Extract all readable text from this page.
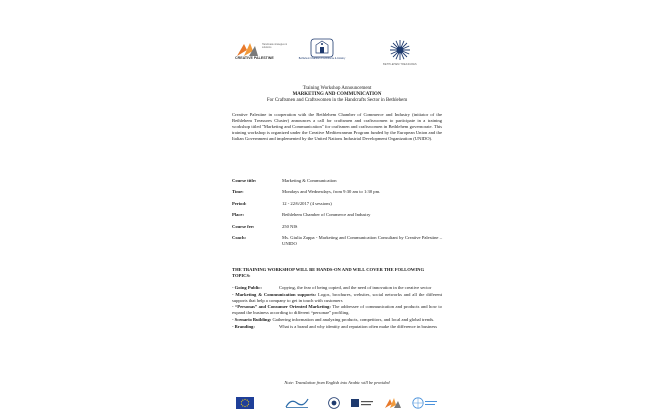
CREATIVE PALESTINE
Handmade strategies & solutions
Bethlehem Chamber of Commerce & Industry
BETHLEHEM TREASURES
Training Workshop Announcement
MARKETING AND COMMUNICATION
For Craftsmen and Craftswomen in the Handcrafts Sector in Bethlehem
Creative Palestine in cooperation with the Bethlehem Chamber of Commerce and Industry (initiator of the Bethlehem Treasures Cluster) announces a call for craftsmen and craftswomen to participate in a training workshop titled "Marketing and Communication" for craftsmen and craftswomen in Bethlehem governorate. This training workshop is organized under the Creative Mediterranean Program funded by the European Union and the Italian Government and implemented by the United Nations Industrial Development Organization (UNIDO).
Course title:	Marketing & Communication
Time:	Mondays and Wednesdays, from 9:30 am to 1:30 pm.
Period:	12 - 22/6/2017 (4 sessions)
Place:	Bethlehem Chamber of Commerce and Industry
Course fee:	250 NIS
Coach:	Ms. Giulia Zappa - Marketing and Communication Consultant by Creative Palestine – UNIDO
THE TRAINING WORKSHOP WILL BE HANDS-ON AND WILL COVER THE FOLLOWING TOPICS:
- Going Public:	Copying, the fear of being copied, and the need of innovation in the creative sector
- Marketing & Communication supports: Logos, brochures, websites, social networks and all the different supports that help a company to get in touch with customers
- “Personas” and Consumer Oriented Marketing: The addressee of communication and products and how to expand the business according to different “personae” profiling.
- Scenario Building: Gathering information and analyzing products, competitors, and local and global trends.
- Branding:	What is a brand and why identity and reputation often make the difference in business
Note: Translation from English into Arabic will be provided
